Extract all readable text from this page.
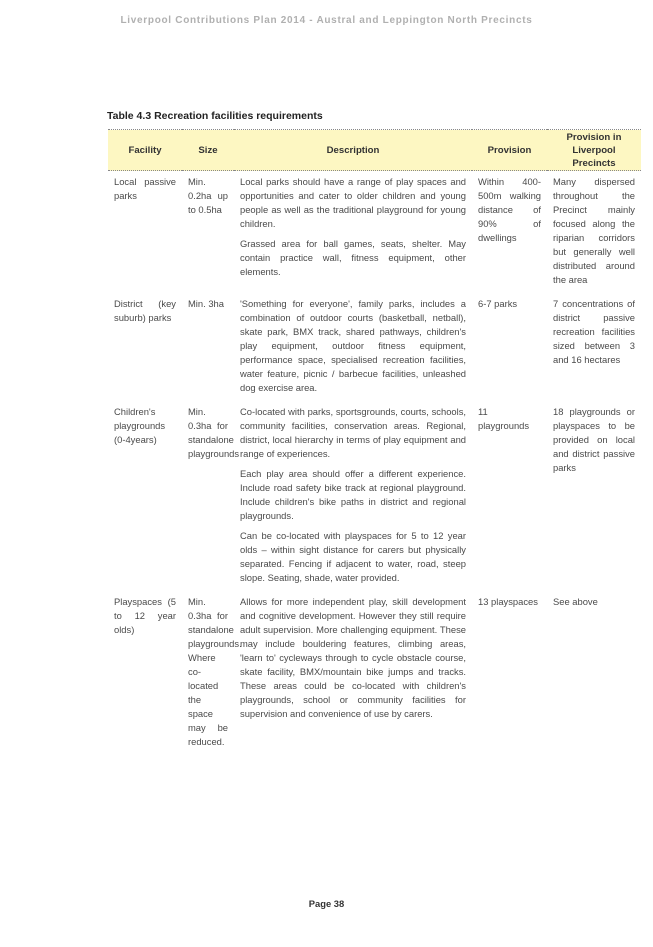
Liverpool Contributions Plan 2014 - Austral and Leppington North Precincts
Table 4.3 Recreation facilities requirements
Facility	Size	Description	Provision	Provision in
Liverpool Precincts
Local passive parks	Min. 0.2ha up to 0.5ha	Local parks should have a range of play spaces and opportunities and cater to older children and young people as well as the traditional playground for young children.

Grassed area for ball games, seats, shelter. May contain practice wall, fitness equipment, other elements.	Within 400-500m walking distance of 90% of dwellings	Many dispersed throughout the Precinct mainly focused along the riparian corridors but generally well distributed around the area
District (key suburb) parks	Min. 3ha	'Something for everyone', family parks, includes a combination of outdoor courts (basketball, netball), skate park, BMX track, shared pathways, children's play equipment, outdoor fitness equipment, performance space, specialised recreation facilities, water feature, picnic / barbecue facilities, unleashed dog exercise area.	6-7 parks	7 concentrations of district passive recreation facilities sized between 3 and 16 hectares
Children's playgrounds (0-4years)	Min. 0.3ha for standalone playgrounds	Co-located with parks, sportsgrounds, courts, schools, community facilities, conservation areas. Regional, district, local hierarchy in terms of play equipment and range of experiences.

Each play area should offer a different experience. Include road safety bike track at regional playground. Include children's bike paths in district and regional playgrounds.

Can be co-located with playspaces for 5 to 12 year olds – within sight distance for carers but physically separated. Fencing if adjacent to water, road, steep slope. Seating, shade, water provided.	11 playgrounds	18 playgrounds or playspaces to be provided on local and district passive parks
Playspaces (5 to 12 year olds)	Min. 0.3ha for standalone playgrounds. Where co-located the space may be reduced.	Allows for more independent play, skill development and cognitive development. However they still require adult supervision. More challenging equipment. These may include bouldering features, climbing areas, 'learn to' cycleways through to cycle obstacle course, skate facility, BMX/mountain bike jumps and tracks. These areas could be co-located with children's playgrounds, school or community facilities for supervision and convenience of use by carers.	13 playspaces	See above
Page 38
